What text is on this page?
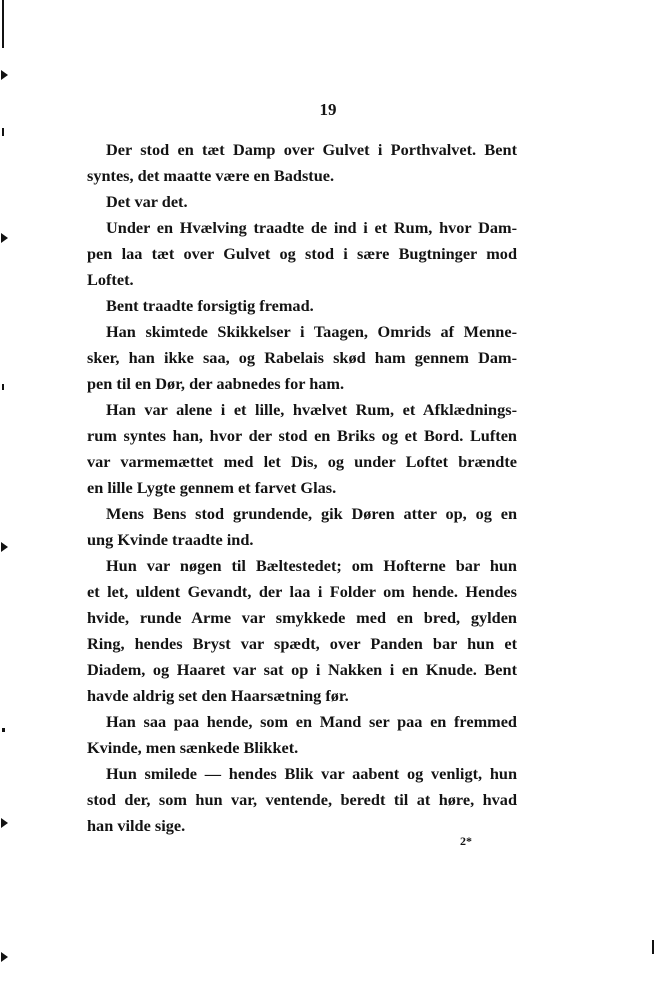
19
Der stod en tæt Damp over Gulvet i Porthvalvet. Bent
syntes, det maatte være en Badstue.
Det var det.
Under en Hvælving traadte de ind i et Rum, hvor Dam-
pen laa tæt over Gulvet og stod i sære Bugtninger mod
Loftet.
Bent traadte forsigtig fremad.
Han skimtede Skikkelser i Taagen, Omrids af Menne-
sker, han ikke saa, og Rabelais skød ham gennem Dam-
pen til en Dør, der aabnedes for ham.
Han var alene i et lille, hvælvet Rum, et Afklædnings-
rum syntes han, hvor der stod en Briks og et Bord. Luften
var varmemættet med let Dis, og under Loftet brændte
en lille Lygte gennem et farvet Glas.
Mens Bens stod grundende, gik Døren atter op, og en
ung Kvinde traadte ind.
Hun var nøgen til Bæltestedet; om Hofterne bar hun
et let, uldent Gevandt, der laa i Folder om hende. Hendes
hvide, runde Arme var smykkede med en bred, gylden
Ring, hendes Bryst var spædt, over Panden bar hun et
Diadem, og Haaret var sat op i Nakken i en Knude. Bent
havde aldrig set den Haarsætning før.
Han saa paa hende, som en Mand ser paa en fremmed
Kvinde, men sænkede Blikket.
Hun smilede — hendes Blik var aabent og venligt, hun
stod der, som hun var, ventende, beredt til at høre, hvad
han vilde sige.
2*
